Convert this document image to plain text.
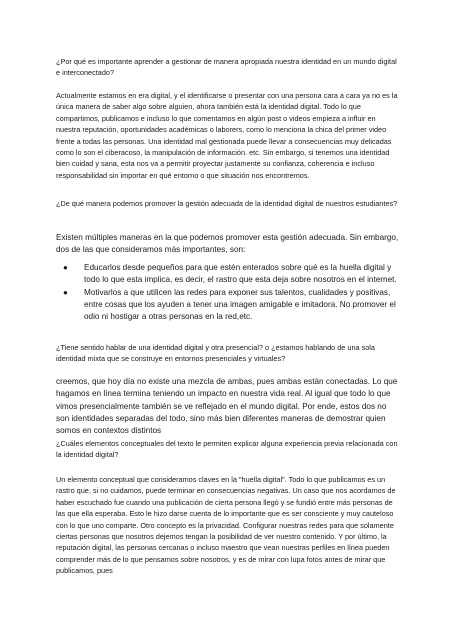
¿Por qué es importante aprender a gestionar de manera apropiada nuestra identidad en un mundo digital e interconectado?

Actualmente estamos en era digital, y el identificarse o presentar con una persona cara a cara ya no es la única manera de saber algo sobre alguien, ahora también está la identidad digital. Todo lo que compartimos, publicamos e incluso lo que comentamos en algún post o videos empieza a influir en nuestra reputación, oportunidades académicas o laborers, como lo menciona la chica del primer video frente a todas las personas. Una identidad mal gestionada puede llevar a consecuencias muy delicadas como lo son el ciberacoso, la manipulación de información. etc. Sin embargo, si tenemos una identidad bien cuidad y sana, esta nos va a permitir proyectar justamente su confianza, coherencia e incluso responsabilidad sin importar en qué entorno o que situación nos encontremos.

¿De qué manera podemos promover la gestión adecuada de la identidad digital de nuestros estudiantes?

Existen múltiples maneras en la que podemos promover esta gestión adecuada. Sin embargo, dos de las que consideramos más importantes, son:

● Educarlos desde pequeños para que estén enterados sobre qué es la huella digital y todo lo que esta implica, es decir, el rastro que esta deja sobre nosotros en el internet.
● Motivarlos a que utilicen las redes para exponer sus talentos, cualidades y positivas, entre cosas que los ayuden a tener una imagen amigable e imitadora. No promover el odio ni hostigar a otras personas en la red,etc.

¿Tiene sentido hablar de una identidad digital y otra presencial? o ¿estamos hablando de una sola identidad mixta que se construye en entornos presenciales y virtuales?

creemos, que hoy día no existe una mezcla de ambas, pues ambas están conectadas. Lo que hagamos en línea termina teniendo un impacto en nuestra vida real. Al igual que todo lo que vimos presencialmente también se ve reflejado en el mundo digital. Por ende, estos dos no son identidades separadas del todo, sino más bien diferentes maneras de demostrar quien somos en contextos distintos

¿Cuáles elementos conceptuales del texto le permiten explicar alguna experiencia previa relacionada con la identidad digital?

Un elemento conceptual que consideramos claves en la "huella digital". Todo lo que publicamos es un rastro que, si no cuidamos, puede terminar en consecuencias negativas. Un caso que nos acordamos de haber escuchado fue cuando una publicación de cierta persona llegó y se fundió entre más personas de las que ella esperaba. Esto le hizo darse cuenta de lo importante que es ser consciente y muy cauteloso con lo que uno comparte. Otro concepto es la privacidad. Configurar nuestras redes para que solamente ciertas personas que nosotros dejemos tengan la posibilidad de ver nuestro contenido. Y por último, la reputación digital, las personas cercanas o incluso maestro que vean nuestras perfiles en línea pueden comprender más de lo que pensamos sobre nosotros, y es de mirar con lupa fotos antes de mirar que publicamos, pues
